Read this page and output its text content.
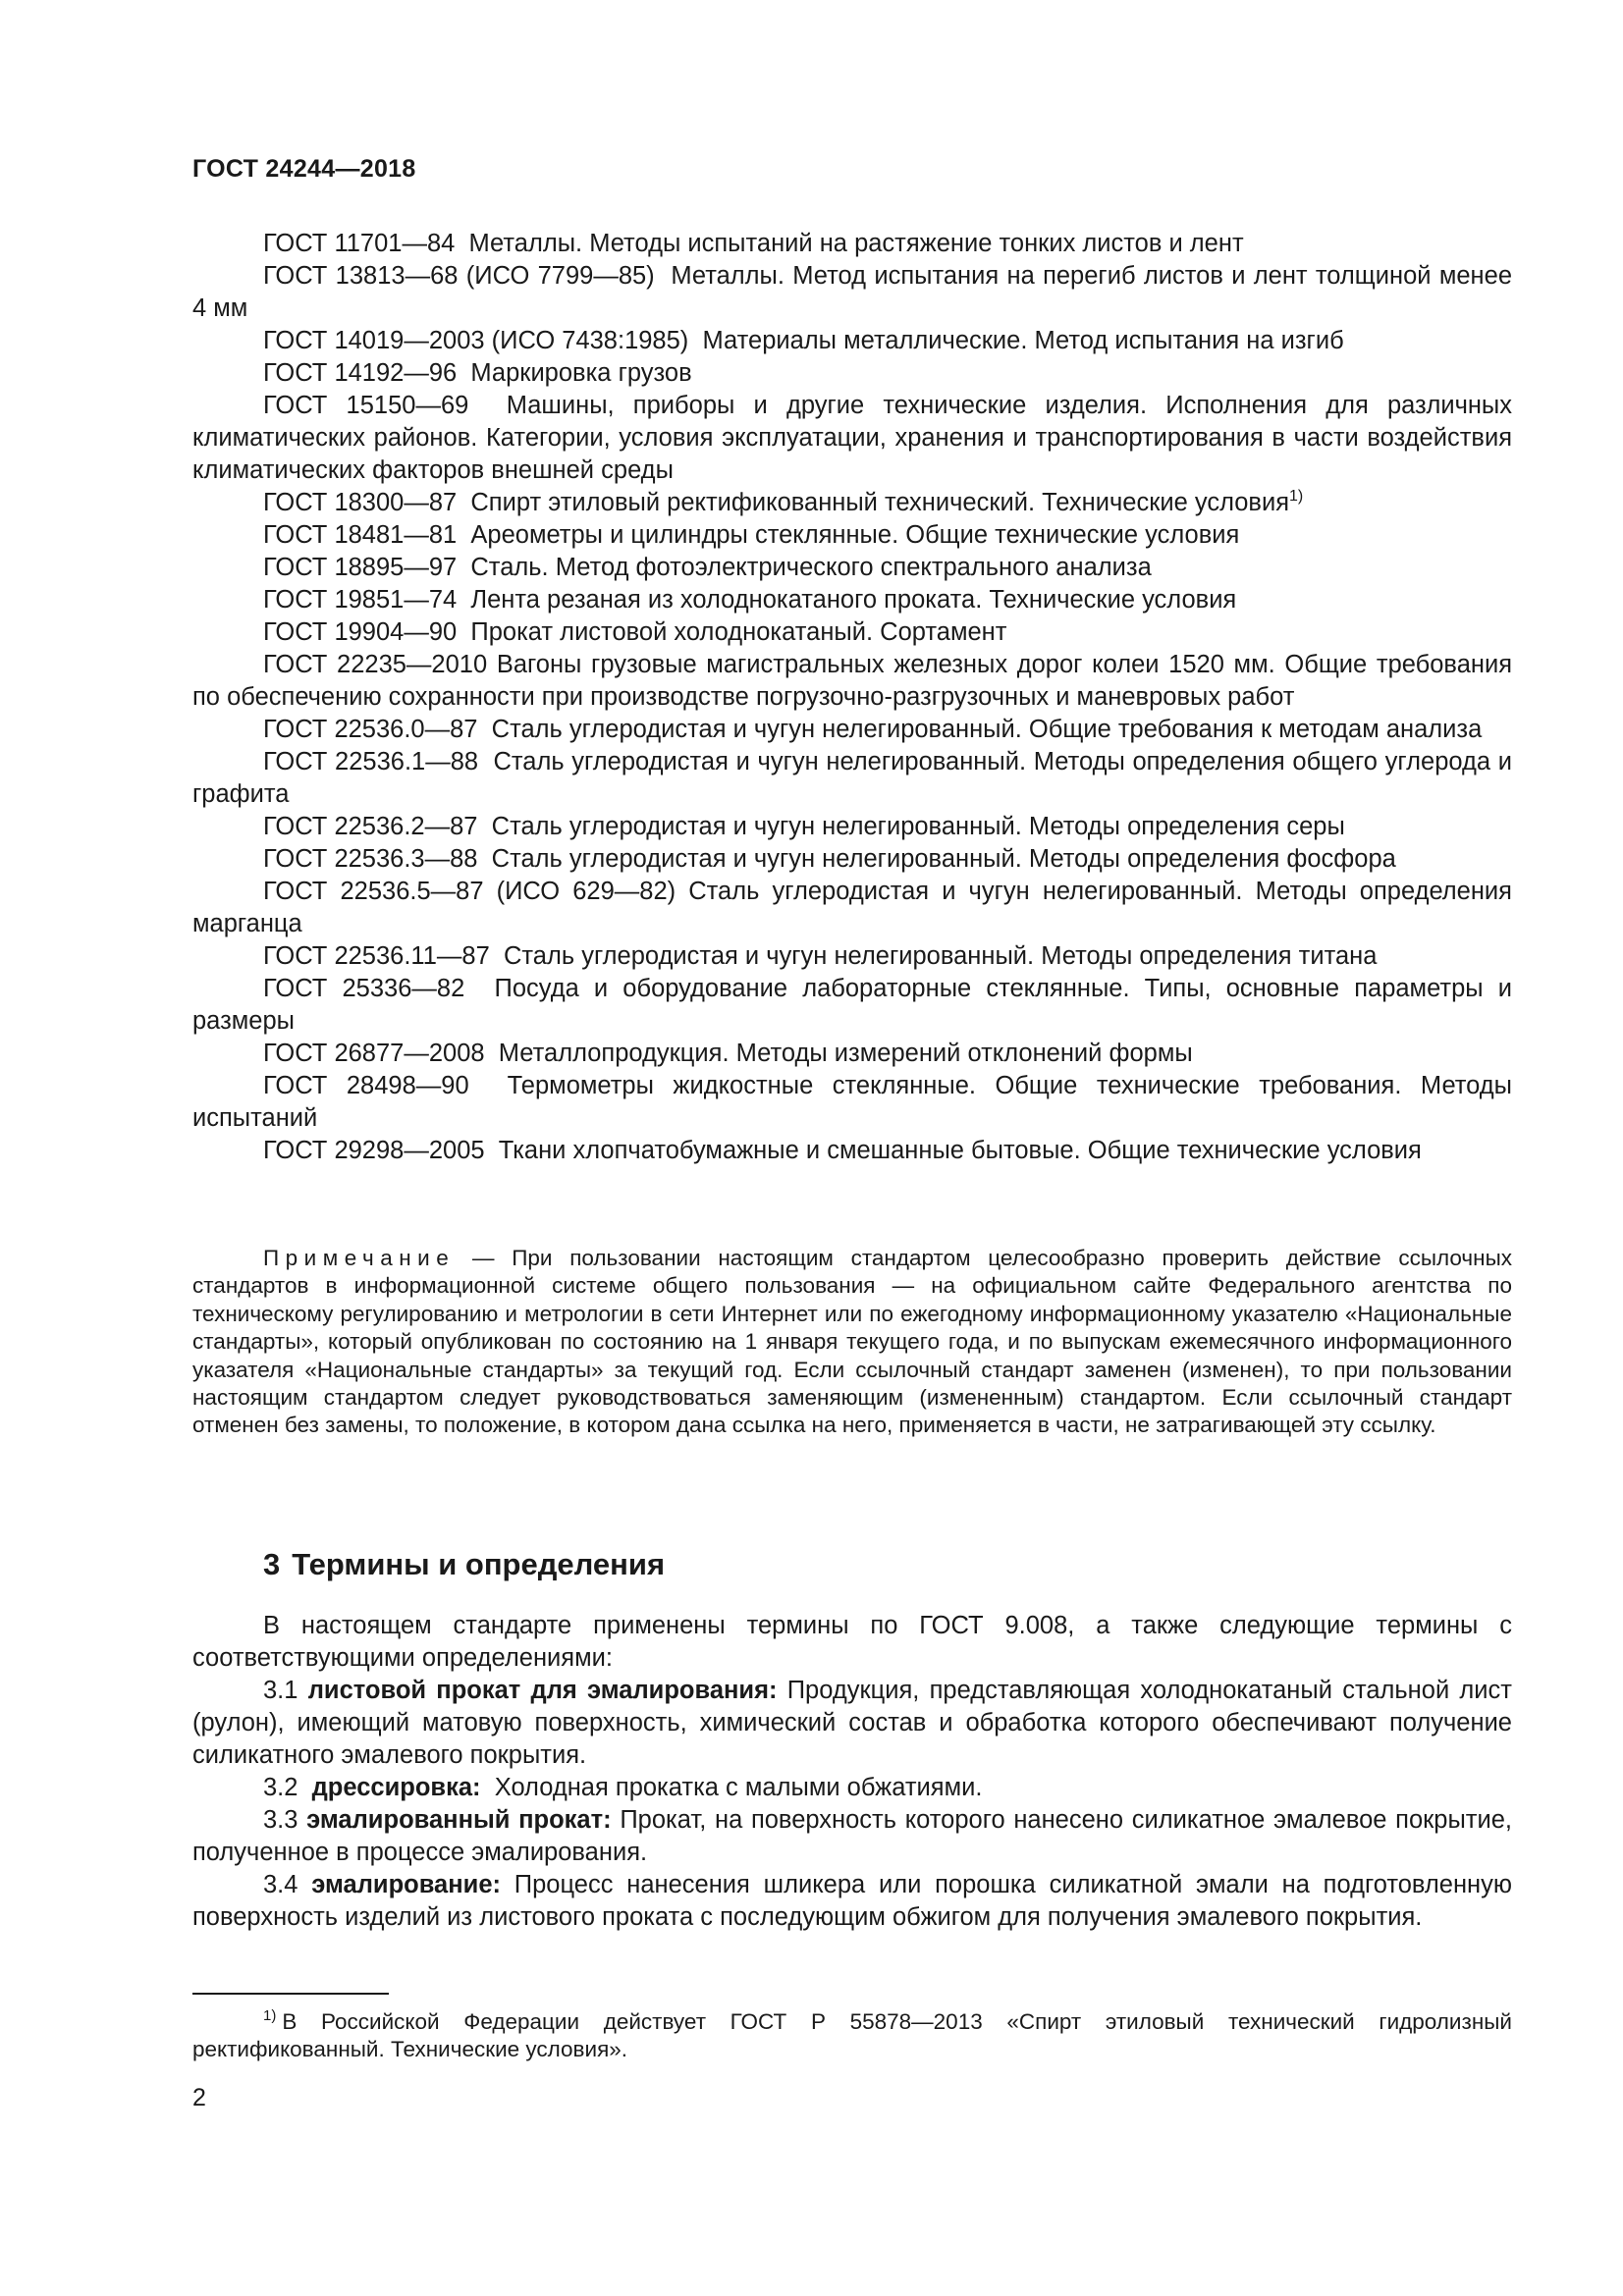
ГОСТ 24244—2018

ГОСТ 11701—84 Металлы. Методы испытаний на растяжение тонких листов и лент

ГОСТ 13813—68 (ИСО 7799—85) Металлы. Метод испытания на перегиб листов и лент толщиной менее 4 мм

ГОСТ 14019—2003 (ИСО 7438:1985) Материалы металлические. Метод испытания на изгиб

ГОСТ 14192—96 Маркировка грузов

ГОСТ 15150—69 Машины, приборы и другие технические изделия. Исполнения для различных климатических районов. Категории, условия эксплуатации, хранения и транспортирования в части воздействия климатических факторов внешней среды

ГОСТ 18300—87 Спирт этиловый ректификованный технический. Технические условия$^{1)}$

ГОСТ 18481—81 Ареометры и цилиндры стеклянные. Общие технические условия

ГОСТ 18895—97 Сталь. Метод фотоэлектрического спектрального анализа

ГОСТ 19851—74 Лента резаная из холоднокатаного проката. Технические условия

ГОСТ 19904—90 Прокат листовой холоднокатаный. Сортамент

ГОСТ 22235—2010 Вагоны грузовые магистральных железных дорог колеи 1520 мм. Общие требования по обеспечению сохранности при производстве погрузочно-разгрузочных и маневровых работ

ГОСТ 22536.0—87 Сталь углеродистая и чугун нелегированный. Общие требования к методам анализа

ГОСТ 22536.1—88 Сталь углеродистая и чугун нелегированный. Методы определения общего углерода и графита

ГОСТ 22536.2—87 Сталь углеродистая и чугун нелегированный. Методы определения серы

ГОСТ 22536.3—88 Сталь углеродистая и чугун нелегированный. Методы определения фосфора

ГОСТ 22536.5—87 (ИСО 629—82) Сталь углеродистая и чугун нелегированный. Методы определения марганца

ГОСТ 22536.11—87 Сталь углеродистая и чугун нелегированный. Методы определения титана

ГОСТ 25336—82 Посуда и оборудование лабораторные стеклянные. Типы, основные параметры и размеры

ГОСТ 26877—2008 Металлопродукция. Методы измерений отклонений формы

ГОСТ 28498—90 Термометры жидкостные стеклянные. Общие технические требования. Методы испытаний

ГОСТ 29298—2005 Ткани хлопчатобумажные и смешанные бытовые. Общие технические условия

Примечание — При пользовании настоящим стандартом целесообразно проверить действие ссылочных стандартов в информационной системе общего пользования — на официальном сайте Федерального агентства по техническому регулированию и метрологии в сети Интернет или по ежегодному информационному указателю «Национальные стандарты», который опубликован по состоянию на 1 января текущего года, и по выпускам ежемесячного информационного указателя «Национальные стандарты» за текущий год. Если ссылочный стандарт заменен (изменен), то при пользовании настоящим стандартом следует руководствоваться заменяющим (измененным) стандартом. Если ссылочный стандарт отменен без замены, то положение, в котором дана ссылка на него, применяется в части, не затрагивающей эту ссылку.

3 Термины и определения

В настоящем стандарте применены термины по ГОСТ 9.008, а также следующие термины с соответствующими определениями:

3.1 листовой прокат для эмалирования: Продукция, представляющая холоднокатаный стальной лист (рулон), имеющий матовую поверхность, химический состав и обработка которого обеспечивают получение силикатного эмалевого покрытия.

3.2 дрессировка: Холодная прокатка с малыми обжатиями.

3.3 эмалированный прокат: Прокат, на поверхность которого нанесено силикатное эмалевое покрытие, полученное в процессе эмалирования.

3.4 эмалирование: Процесс нанесения шликера или порошка силикатной эмали на подготовленную поверхность изделий из листового проката с последующим обжигом для получения эмалевого покрытия.

$^{1)}$ В Российской Федерации действует ГОСТ Р 55878—2013 «Спирт этиловый технический гидролизный ректификованный. Технические условия».

2
